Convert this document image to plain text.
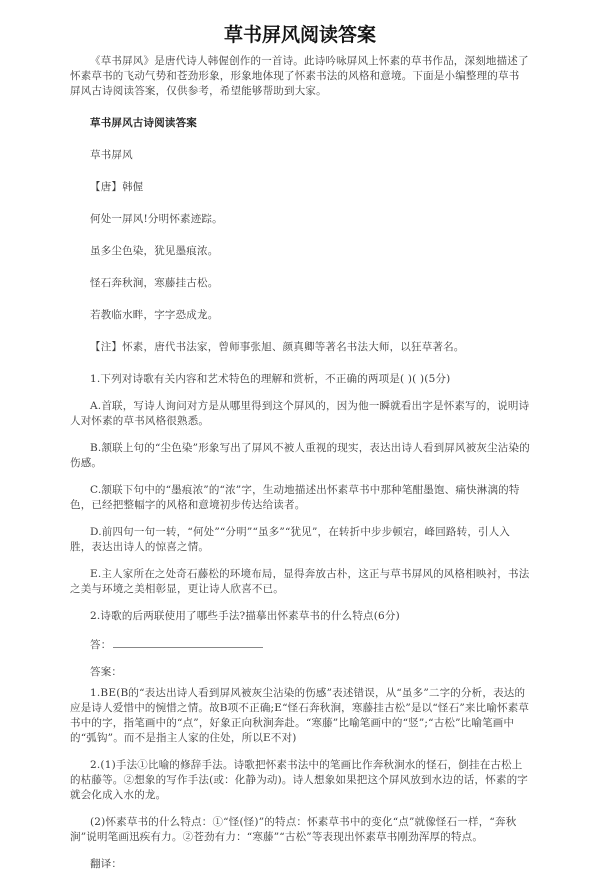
草书屏风阅读答案

《草书屏风》是唐代诗人韩偓创作的一首诗。此诗吟咏屏风上怀素的草书作品，深刻地描述了怀素草书的飞动气势和苍劲形象，形象地体现了怀素书法的风格和意境。下面是小编整理的草书屏风古诗阅读答案，仅供参考，希望能够帮助到大家。

草书屏风古诗阅读答案

草书屏风

【唐】韩偓

何处一屏风!分明怀素迹踪。

虽多尘色染，犹见墨痕浓。

怪石奔秋涧，寒藤挂古松。

若教临水畔，字字恐成龙。

【注】怀素，唐代书法家，曾师事张旭、颜真卿等著名书法大师，以狂草著名。

1.下列对诗歌有关内容和艺术特色的理解和赏析，不正确的两项是( )( )(5分)

A.首联，写诗人询问对方是从哪里得到这个屏风的，因为他一瞬就看出字是怀素写的，说明诗人对怀素的草书风格很熟悉。

B.颔联上句的“尘色染”形象写出了屏风不被人重视的现实，表达出诗人看到屏风被灰尘沾染的伤感。

C.颔联下句中的“墨痕浓”的“浓”字，生动地描述出怀素草书中那种笔酣墨饱、痛快淋漓的特色，已经把整幅字的风格和意境初步传达给读者。

D.前四句一句一转，“何处”“分明”“虽多”“犹见”，在转折中步步顿宕，峰回路转，引人入胜，表达出诗人的惊喜之情。

E.主人家所在之处奇石藤松的环境布局，显得奔放古朴，这正与草书屏风的风格相映衬，书法之美与环境之美相彰显，更让诗人欣喜不已。

2.诗歌的后两联使用了哪些手法?描摹出怀素草书的什么特点(6分)

答：

答案：

1.BE(B的“表达出诗人看到屏风被灰尘沾染的伤感”表述错误，从“虽多”二字的分析，表达的应是诗人爱惜中的惋惜之情。故B项不正确;E“怪石奔秋涧，寒藤挂古松”是以“怪石”来比喻怀素草书中的字，指笔画中的“点”，好象正向秋涧奔赴。“寒藤”比喻笔画中的“竖”;“古松”比喻笔画中的“弧钩”。而不是指主人家的住处，所以E不对)

2.(1)手法①比喻的修辞手法。诗歌把怀素书法中的笔画比作奔秋涧水的怪石，倒挂在古松上的枯藤等。②想象的写作手法(或：化静为动)。诗人想象如果把这个屏风放到水边的话，怀素的字就会化成入水的龙。

(2)怀素草书的什么特点：①“怪(怪)”的特点：怀素草书中的变化“点”就像怪石一样，“奔秋涧”说明笔画迅疾有力。②苍劲有力：“寒藤”“古松”等表现出怀素草书刚劲浑厚的特点。

翻译：
